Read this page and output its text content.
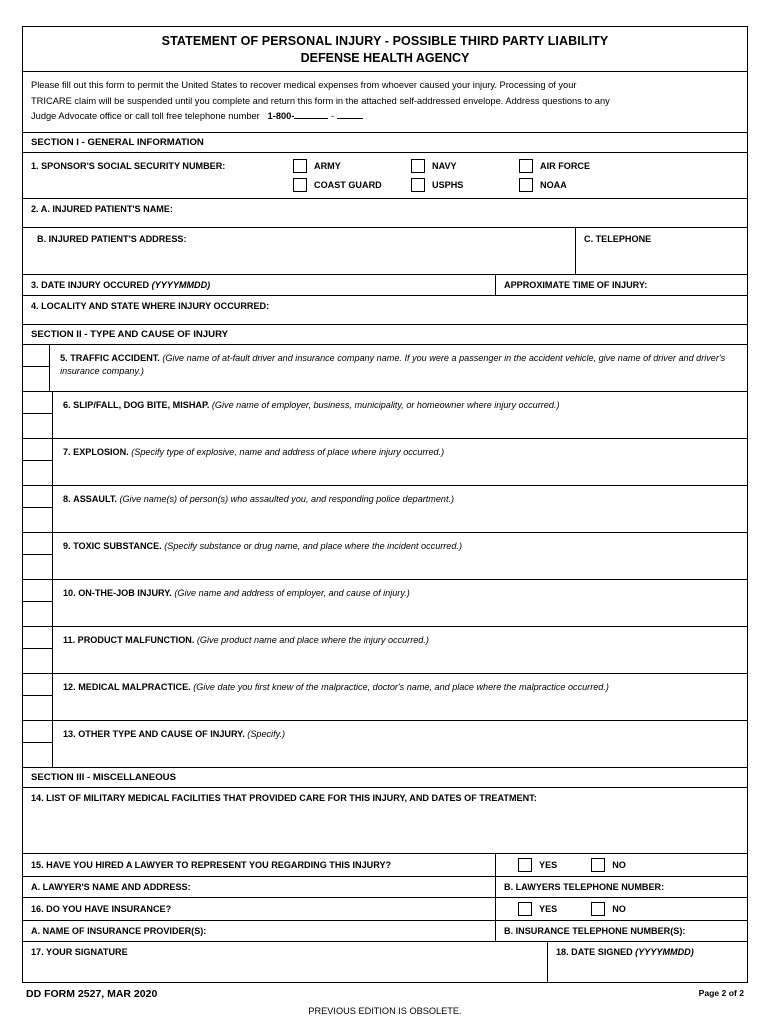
STATEMENT OF PERSONAL INJURY - POSSIBLE THIRD PARTY LIABILITY
DEFENSE HEALTH AGENCY
Please fill out this form to permit the United States to recover medical expenses from whoever caused your injury. Processing of your
TRICARE claim will be suspended until you complete and return this form in the attached self-addressed envelope. Address questions to any
Judge Advocate office or call toll free telephone number 1-800-	-
SECTION I - GENERAL INFORMATION
1. SPONSOR'S SOCIAL SECURITY NUMBER:	ARMY	NAVY	AIR FORCE
COAST GUARD	USPHS	NOAA
2. A. INJURED PATIENT'S NAME:
B. INJURED PATIENT'S ADDRESS:	C. TELEPHONE
3. DATE INJURY OCCURED (YYYYMMDD)	APPROXIMATE TIME OF INJURY:
4. LOCALITY AND STATE WHERE INJURY OCCURRED:
SECTION II - TYPE AND CAUSE OF INJURY
5. TRAFFIC ACCIDENT. (Give name of at-fault driver and insurance company name. If you were a passenger in the accident vehicle, give name of driver and driver's insurance company.)
6. SLIP/FALL, DOG BITE, MISHAP. (Give name of employer, business, municipality, or homeowner where injury occurred.)
7. EXPLOSION. (Specify type of explosive, name and address of place where injury occurred.)
8. ASSAULT. (Give name(s) of person(s) who assaulted you, and responding police department.)
9. TOXIC SUBSTANCE. (Specify substance or drug name, and place where the incident occurred.)
10. ON-THE-JOB INJURY. (Give name and address of employer, and cause of injury.)
11. PRODUCT MALFUNCTION. (Give product name and place where the injury occurred.)
12. MEDICAL MALPRACTICE. (Give date you first knew of the malpractice, doctor's name, and place where the malpractice occurred.)
13. OTHER TYPE AND CAUSE OF INJURY. (Specify.)
SECTION III - MISCELLANEOUS
14. LIST OF MILITARY MEDICAL FACILITIES THAT PROVIDED CARE FOR THIS INJURY, AND DATES OF TREATMENT:
15. HAVE YOU HIRED A LAWYER TO REPRESENT YOU REGARDING THIS INJURY?	YES	NO
A. LAWYER'S NAME AND ADDRESS:	B. LAWYERS TELEPHONE NUMBER:
16. DO YOU HAVE INSURANCE?	YES	NO
A. NAME OF INSURANCE PROVIDER(S):	B. INSURANCE TELEPHONE NUMBER(S):
17. YOUR SIGNATURE	18. DATE SIGNED (YYYYMMDD)
DD FORM 2527, MAR 2020	Page 2 of 2
PREVIOUS EDITION IS OBSOLETE.
